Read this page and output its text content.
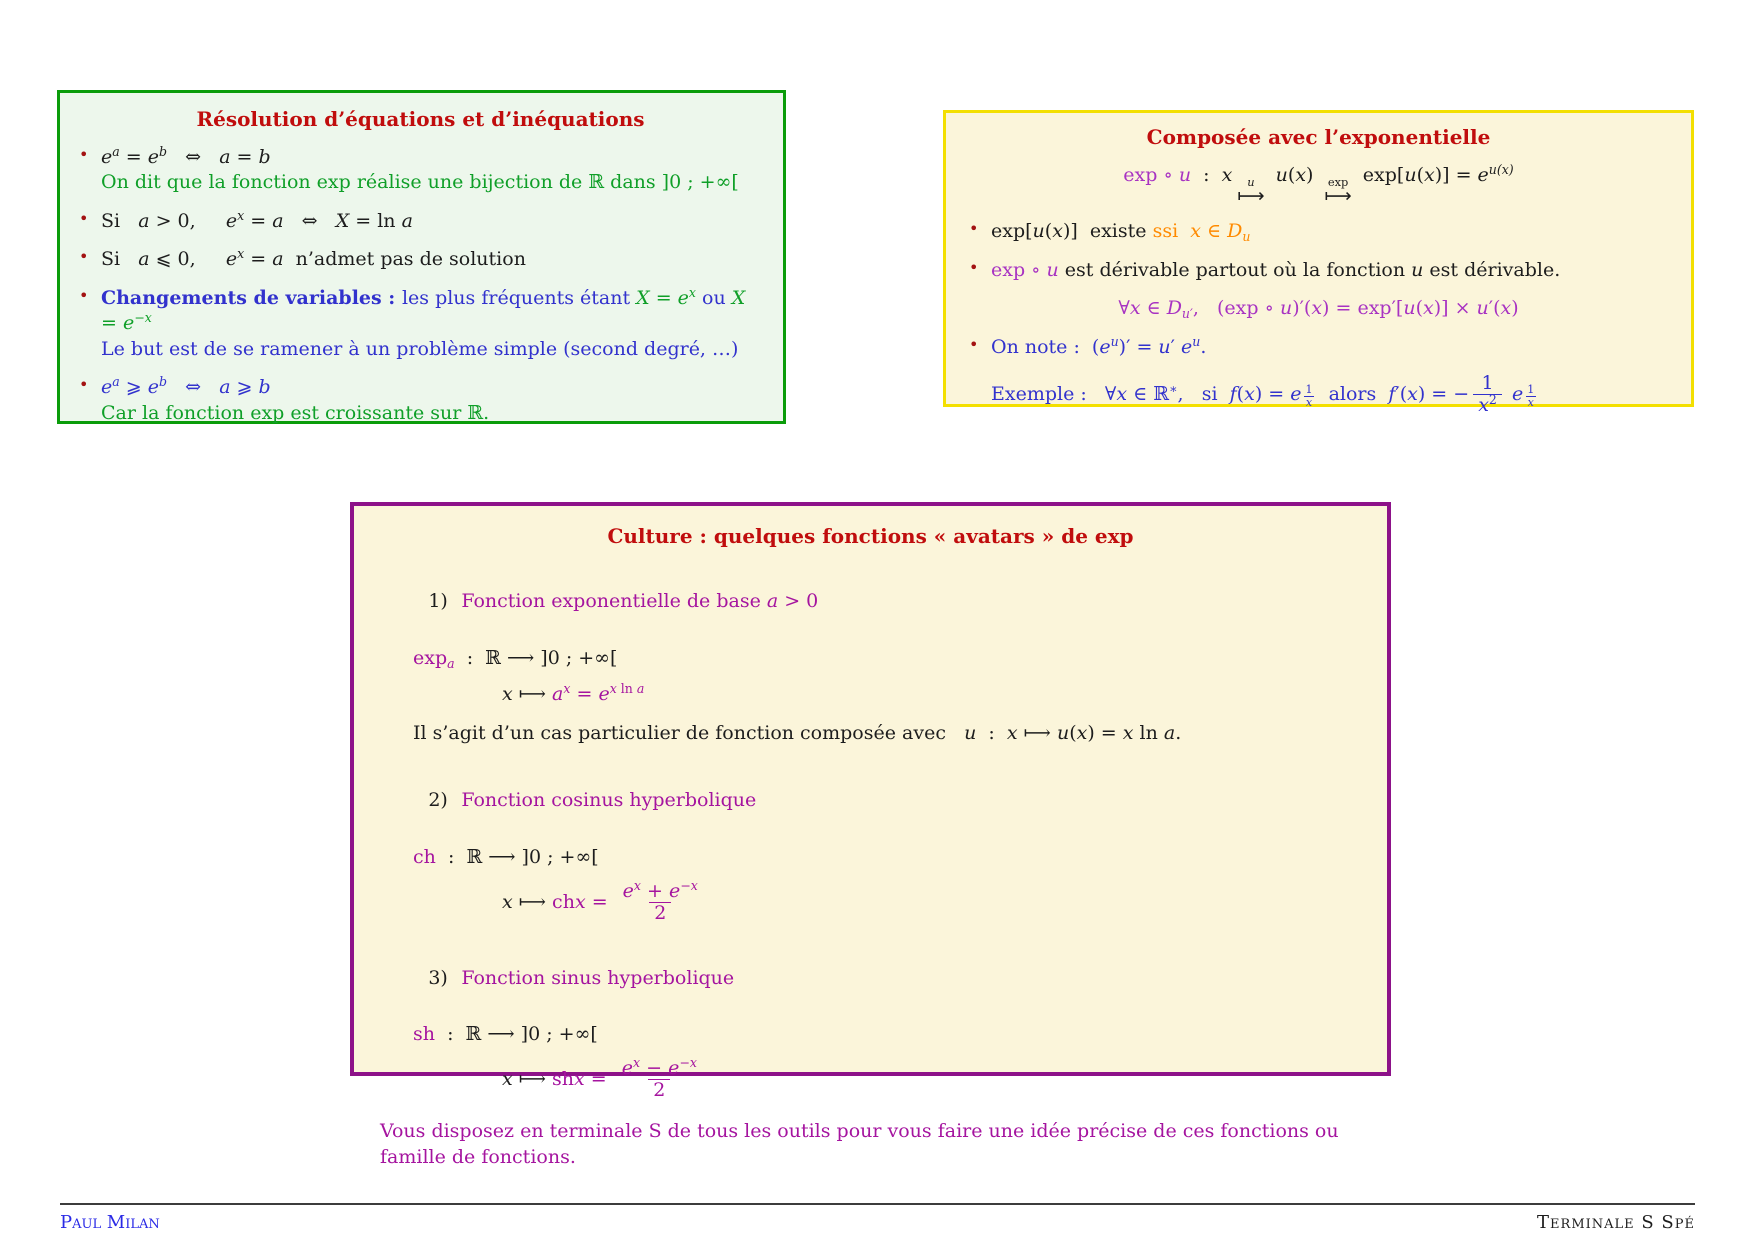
Résolution d’équations et d’inéquations
• $e^a = e^b$   ⇔   a = b
On dit que la fonction exp réalise une bijection de ℝ dans ]0 ; +∞[
• Si   a > 0,     $e^x = a$   ⇔   X = ln a
• Si   a ⩽ 0,     $e^x = a$  n’admet pas de solution
• Changements de variables : les plus fréquents étant $X = e^x$ ou $X = e^{-x}$
Le but est de se ramener à un problème simple (second degré, …)
• $e^a$ ⩾ $e^b$   ⇔   a ⩾ b
Car la fonction exp est croissante sur ℝ.
Composée avec l’exponentielle
exp ∘ u  :  x u
⟼
u(x) exp
⟼
$\exp[u(x)] = e^{u(x)}$
• exp[u(x)]  existe ssi x ∈ Du
• exp ∘ u est dérivable partout où la fonction u est dérivable.
∀x ∈ Du′,   (exp ∘ u)′(x) = exp′[u(x)] × u′(x)
• On note :  $(e^u)' = u'$ $e^u$.
Exemple :   ∀x ∈ ℝ∗,   si  f(x) = e $\frac{1}{x}$ alors  f′(x) = − $\frac{1}{x^2}$ e $\frac{1}{x}$
Culture : quelques fonctions « avatars » de exp

1) Fonction exponentielle de base a > 0

expa  :  ℝ ⟶ ]0 ; +∞[
x ⟼ $a^x = e^x$ $^{ln}$ $^a$
Il s’agit d’un cas particulier de fonction composée avec   u  :  x ⟼ u(x) = x ln a.

2) Fonction cosinus hyperbolique

ch  :  ℝ ⟶ ]0 ; +∞[
x ⟼ chx = $\frac{e^x + e^{-x}}{2}$

3) Fonction sinus hyperbolique

sh  :  ℝ ⟶ ]0 ; +∞[
x ⟼ shx = $\frac{e^x - e^{-x}}{2}$
Vous disposez en terminale S de tous les outils pour vous faire une idée précise de ces fonctions ou famille de fonctions.
Paul Milan	Terminale S Spé
